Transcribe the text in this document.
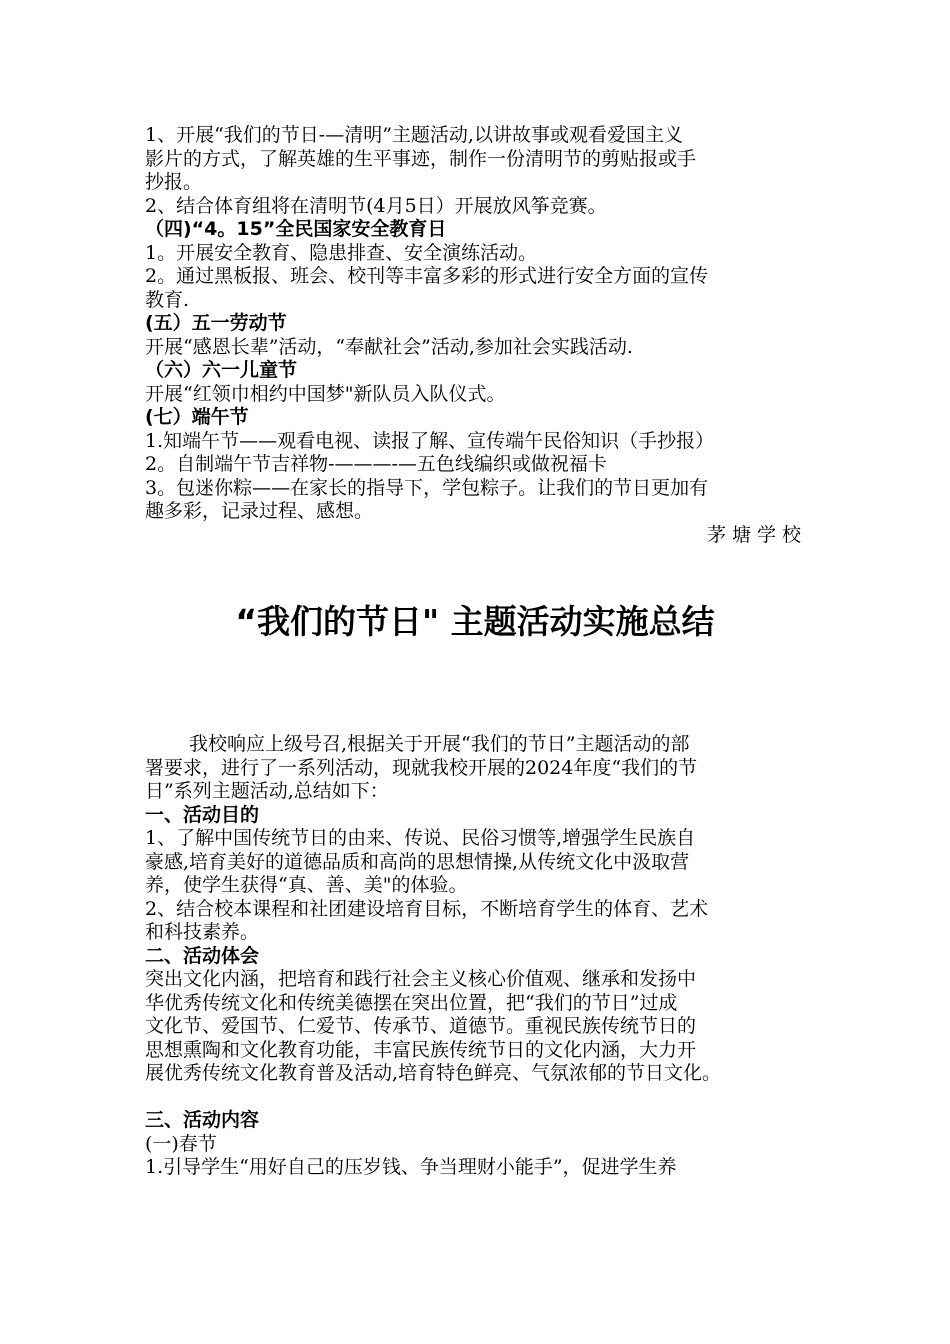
1、开展“我们的节日-—清明”主题活动,以讲故事或观看爱国主义
影片的方式，了解英雄的生平事迹，制作一份清明节的剪贴报或手
抄报。
2、结合体育组将在清明节(4月5日）开展放风筝竞赛。
（四)“4。15”全民国家安全教育日
1。开展安全教育、隐患排查、安全演练活动。
2。通过黑板报、班会、校刊等丰富多彩的形式进行安全方面的宣传
教育.
(五）五一劳动节
开展“感恩长辈”活动，“奉献社会”活动,参加社会实践活动.
（六）六一儿童节
开展“红领巾相约中国梦"新队员入队仪式。
(七）端午节
1.知端午节——观看电视、读报了解、宣传端午民俗知识（手抄报）
2。自制端午节吉祥物-———-—五色线编织或做祝福卡
3。包迷你粽——在家长的指导下，学包粽子。让我们的节日更加有
趣多彩，记录过程、感想。
茅塘学校
“我们的节日" 主题活动实施总结
我校响应上级号召,根据关于开展“我们的节日”主题活动的部
署要求，进行了一系列活动，现就我校开展的2024年度“我们的节
日”系列主题活动,总结如下：
一、活动目的
1、了解中国传统节日的由来、传说、民俗习惯等,增强学生民族自
豪感,培育美好的道德品质和高尚的思想情操,从传统文化中汲取营
养，使学生获得“真、善、美"的体验。
2、结合校本课程和社团建设培育目标，不断培育学生的体育、艺术
和科技素养。
二、活动体会
突出文化内涵，把培育和践行社会主义核心价值观、继承和发扬中
华优秀传统文化和传统美德摆在突出位置，把“我们的节日”过成
文化节、爱国节、仁爱节、传承节、道德节。重视民族传统节日的
思想熏陶和文化教育功能，丰富民族传统节日的文化内涵，大力开
展优秀传统文化教育普及活动,培育特色鲜亮、气氛浓郁的节日文化。
三、活动内容
(一)春节
1.引导学生“用好自己的压岁钱、争当理财小能手”，促进学生养
